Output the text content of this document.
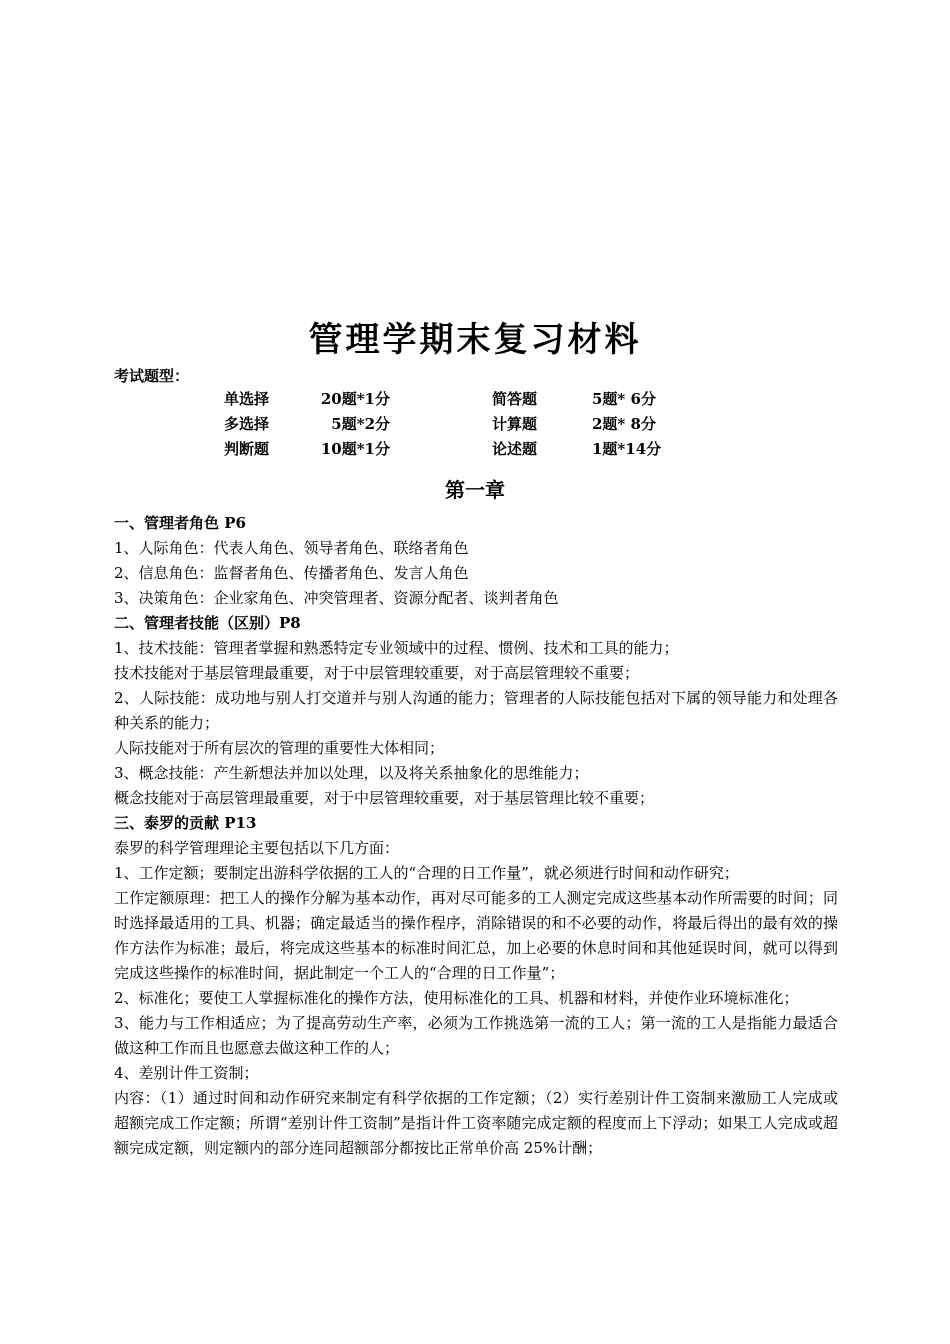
管理学期末复习材料
考试题型：
单选择	20题*1分	简答题	5题* 6分
多选择	5题*2分	计算题	2题* 8分
判断题	10题*1分	论述题	1题*14分
第一章

一、管理者角色 P6

1、人际角色：代表人角色、领导者角色、联络者角色

2、信息角色：监督者角色、传播者角色、发言人角色

3、决策角色：企业家角色、冲突管理者、资源分配者、谈判者角色

二、管理者技能（区别）P8

1、技术技能：管理者掌握和熟悉特定专业领域中的过程、惯例、技术和工具的能力；

技术技能对于基层管理最重要，对于中层管理较重要，对于高层管理较不重要；

2、人际技能：成功地与别人打交道并与别人沟通的能力；管理者的人际技能包括对下属的领导能力和处理各种关系的能力；

人际技能对于所有层次的管理的重要性大体相同；

3、概念技能：产生新想法并加以处理，以及将关系抽象化的思维能力；

概念技能对于高层管理最重要，对于中层管理较重要，对于基层管理比较不重要；

三、泰罗的贡献 P13

泰罗的科学管理理论主要包括以下几方面：

1、工作定额；要制定出游科学依据的工人的“合理的日工作量”，就必须进行时间和动作研究；

工作定额原理：把工人的操作分解为基本动作，再对尽可能多的工人测定完成这些基本动作所需要的时间；同时选择最适用的工具、机器；确定最适当的操作程序，消除错误的和不必要的动作，将最后得出的最有效的操作方法作为标准；最后，将完成这些基本的标准时间汇总，加上必要的休息时间和其他延误时间，就可以得到完成这些操作的标准时间，据此制定一个工人的“合理的日工作量”；

2、标准化；要使工人掌握标准化的操作方法，使用标准化的工具、机器和材料，并使作业环境标准化；

3、能力与工作相适应；为了提高劳动生产率，必须为工作挑选第一流的工人；第一流的工人是指能力最适合做这种工作而且也愿意去做这种工作的人；

4、差别计件工资制；

内容：（1）通过时间和动作研究来制定有科学依据的工作定额；（2）实行差别计件工资制来激励工人完成或超额完成工作定额；所谓“差别计件工资制”是指计件工资率随完成定额的程度而上下浮动；如果工人完成或超额完成定额，则定额内的部分连同超额部分都按比正常单价高 25%计酬；
